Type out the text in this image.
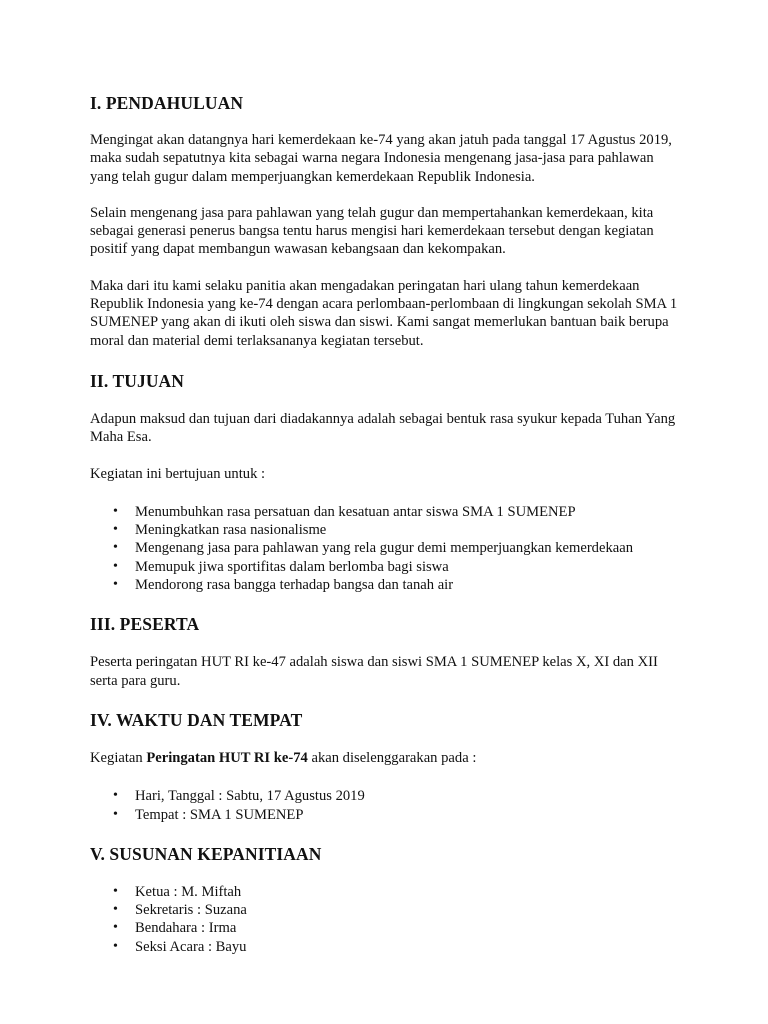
I. PENDAHULUAN

Mengingat akan datangnya hari kemerdekaan ke-74 yang akan jatuh pada tanggal 17 Agustus 2019, maka sudah sepatutnya kita sebagai warna negara Indonesia mengenang jasa-jasa para pahlawan yang telah gugur dalam memperjuangkan kemerdekaan Republik Indonesia.

Selain mengenang jasa para pahlawan yang telah gugur dan mempertahankan kemerdekaan, kita sebagai generasi penerus bangsa tentu harus mengisi hari kemerdekaan tersebut dengan kegiatan positif yang dapat membangun wawasan kebangsaan dan kekompakan.

Maka dari itu kami selaku panitia akan mengadakan peringatan hari ulang tahun kemerdekaan Republik Indonesia yang ke-74 dengan acara perlombaan-perlombaan di lingkungan sekolah SMA 1 SUMENEP yang akan di ikuti oleh siswa dan siswi. Kami sangat memerlukan bantuan baik berupa moral dan material demi terlaksananya kegiatan tersebut.

II. TUJUAN

Adapun maksud dan tujuan dari diadakannya adalah sebagai bentuk rasa syukur kepada Tuhan Yang Maha Esa.

Kegiatan ini bertujuan untuk :

• Menumbuhkan rasa persatuan dan kesatuan antar siswa SMA 1 SUMENEP
• Meningkatkan rasa nasionalisme
• Mengenang jasa para pahlawan yang rela gugur demi memperjuangkan kemerdekaan
• Memupuk jiwa sportifitas dalam berlomba bagi siswa
• Mendorong rasa bangga terhadap bangsa dan tanah air
III. PESERTA

Peserta peringatan HUT RI ke-47 adalah siswa dan siswi SMA 1 SUMENEP kelas X, XI dan XII serta para guru.

IV. WAKTU DAN TEMPAT

Kegiatan Peringatan HUT RI ke-74 akan diselenggarakan pada :

• Hari, Tanggal : Sabtu, 17 Agustus 2019
• Tempat : SMA 1 SUMENEP
V. SUSUNAN KEPANITIAAN
• Ketua : M. Miftah
• Sekretaris : Suzana
• Bendahara : Irma
• Seksi Acara : Bayu
